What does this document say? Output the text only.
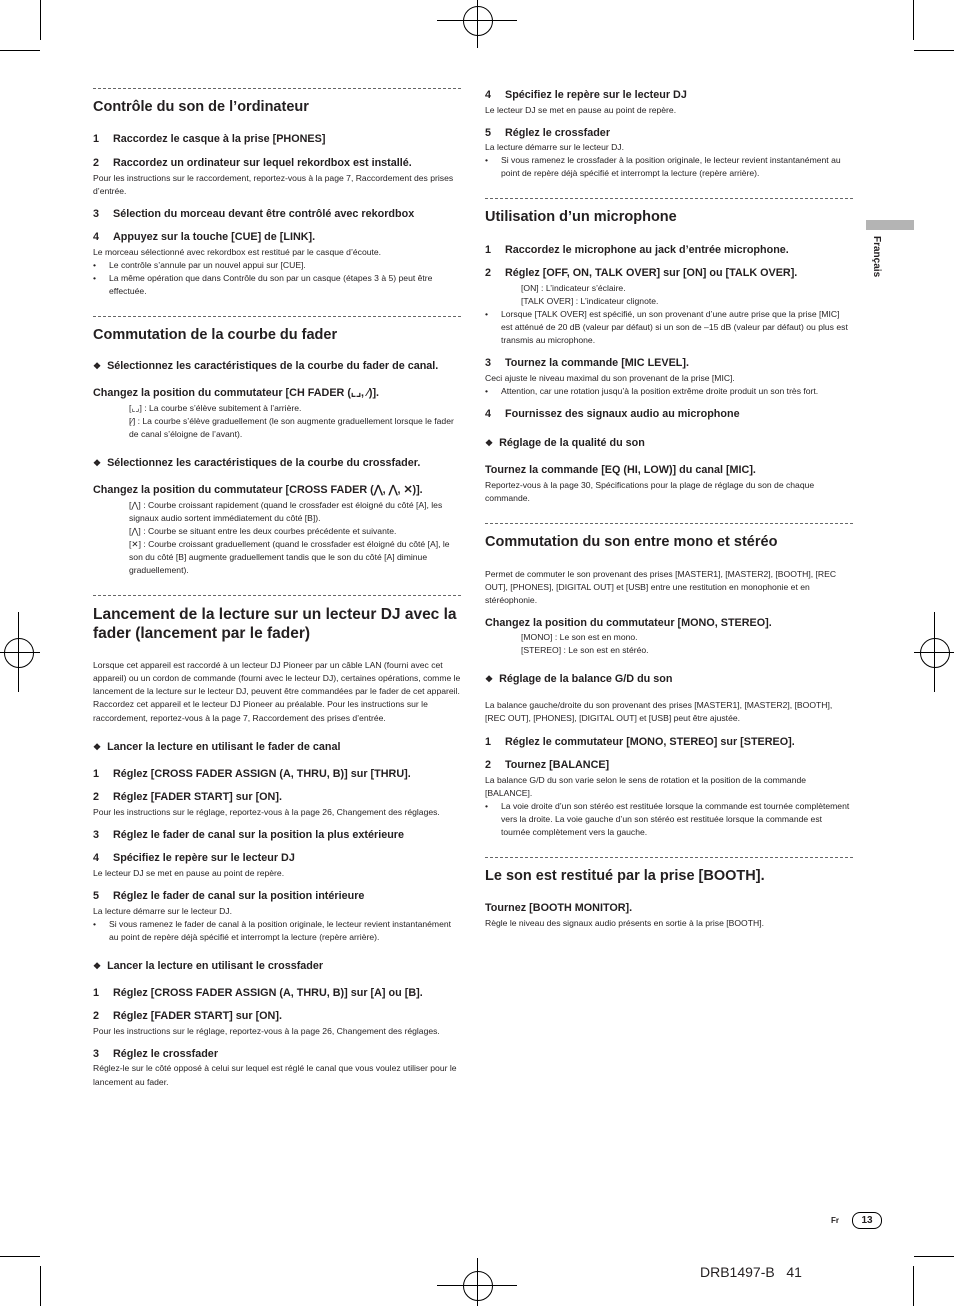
Français
Contrôle du son de l’ordinateur
1 Raccordez le casque à la prise [PHONES]
2 Raccordez un ordinateur sur lequel rekordbox est installé.

Pour les instructions sur le raccordement, reportez-vous à la page 7, Raccordement des prises d’entrée.

3 Sélection du morceau devant être contrôlé avec rekordbox
4 Appuyez sur la touche [CUE] de [LINK].

Le morceau sélectionné avec rekordbox est restitué par le casque d’écoute.

• Le contrôle s’annule par un nouvel appui sur [CUE].
• La même opération que dans Contrôle du son par un casque (étapes 3 à 5) peut être effectuée.
Commutation de la courbe du fader
❖ Sélectionnez les caractéristiques de la courbe du fader de canal.
Changez la position du commutateur [CH FADER (⌞⌟, ⁄)].

[⌞⌟] : La courbe s’élève subitement à l’arrière.

[⁄] : La courbe s’élève graduellement (le son augmente graduellement lorsque le fader de canal s’éloigne de l’avant).

❖ Sélectionnez les caractéristiques de la courbe du crossfader.
Changez la position du commutateur [CROSS FADER (⋀, ⋀, ✕)].

[⋀] : Courbe croissant rapidement (quand le crossfader est éloigné du côté [A], les signaux audio sortent immédiatement du côté [B]).

[⋀] : Courbe se situant entre les deux courbes précédente et suivante.

[✕] : Courbe croissant graduellement (quand le crossfader est éloigné du côté [A], le son du côté [B] augmente graduellement tandis que le son du côté [A] diminue graduellement).

Lancement de la lecture sur un lecteur DJ avec la fader (lancement par le fader)

Lorsque cet appareil est raccordé à un lecteur DJ Pioneer par un câble LAN (fourni avec cet appareil) ou un cordon de commande (fourni avec le lecteur DJ), certaines opérations, comme le lancement de la lecture sur le lecteur DJ, peuvent être commandées par le fader de cet appareil. Raccordez cet appareil et le lecteur DJ Pioneer au préalable. Pour les instructions sur le raccordement, reportez-vous à la page 7, Raccordement des prises d’entrée.

❖ Lancer la lecture en utilisant le fader de canal
1 Réglez [CROSS FADER ASSIGN (A, THRU, B)] sur [THRU].
2 Réglez [FADER START] sur [ON].

Pour les instructions sur le réglage, reportez-vous à la page 26, Changement des réglages.

3 Réglez le fader de canal sur la position la plus extérieure
4 Spécifiez le repère sur le lecteur DJ

Le lecteur DJ se met en pause au point de repère.

5 Réglez le fader de canal sur la position intérieure

La lecture démarre sur le lecteur DJ.

• Si vous ramenez le fader de canal à la position originale, le lecteur revient instantanément au point de repère déjà spécifié et interrompt la lecture (repère arrière).
❖ Lancer la lecture en utilisant le crossfader
1 Réglez [CROSS FADER ASSIGN (A, THRU, B)] sur [A] ou [B].
2 Réglez [FADER START] sur [ON].

Pour les instructions sur le réglage, reportez-vous à la page 26, Changement des réglages.

3 Réglez le crossfader

Réglez-le sur le côté opposé à celui sur lequel est réglé le canal que vous voulez utiliser pour le lancement au fader.

4 Spécifiez le repère sur le lecteur DJ

Le lecteur DJ se met en pause au point de repère.

5 Réglez le crossfader

La lecture démarre sur le lecteur DJ.

• Si vous ramenez le crossfader à la position originale, le lecteur revient instantanément au point de repère déjà spécifié et interrompt la lecture (repère arrière).
Utilisation d’un microphone
1 Raccordez le microphone au jack d’entrée microphone.
2 Réglez [OFF, ON, TALK OVER] sur [ON] ou [TALK OVER].

[ON] : L’indicateur s’éclaire.

[TALK OVER] : L’indicateur clignote.

• Lorsque [TALK OVER] est spécifié, un son provenant d’une autre prise que la prise [MIC] est atténué de 20 dB (valeur par défaut) si un son de –15 dB (valeur par défaut) ou plus est transmis au microphone.
3 Tournez la commande [MIC LEVEL].

Ceci ajuste le niveau maximal du son provenant de la prise [MIC].

• Attention, car une rotation jusqu’à la position extrême droite produit un son très fort.
4 Fournissez des signaux audio au microphone
❖ Réglage de la qualité du son
Tournez la commande [EQ (HI, LOW)] du canal [MIC].

Reportez-vous à la page 30, Spécifications pour la plage de réglage du son de chaque commande.

Commutation du son entre mono et stéréo

Permet de commuter le son provenant des prises [MASTER1], [MASTER2], [BOOTH], [REC OUT], [PHONES], [DIGITAL OUT] et [USB] entre une restitution en monophonie et en stéréophonie.

Changez la position du commutateur [MONO, STEREO].

[MONO] : Le son est en mono.

[STEREO] : Le son est en stéréo.

❖ Réglage de la balance G/D du son

La balance gauche/droite du son provenant des prises [MASTER1], [MASTER2], [BOOTH], [REC OUT], [PHONES], [DIGITAL OUT] et [USB] peut être ajustée.

1 Réglez le commutateur [MONO, STEREO] sur [STEREO].
2 Tournez [BALANCE]

La balance G/D du son varie selon le sens de rotation et la position de la commande [BALANCE].

• La voie droite d’un son stéréo est restituée lorsque la commande est tournée complètement vers la droite. La voie gauche d’un son stéréo est restituée lorsque la commande est tournée complètement vers la gauche.
Le son est restitué par la prise [BOOTH].
Tournez [BOOTH MONITOR].

Règle le niveau des signaux audio présents en sortie à la prise [BOOTH].

Fr	13
DRB1497-B 41
